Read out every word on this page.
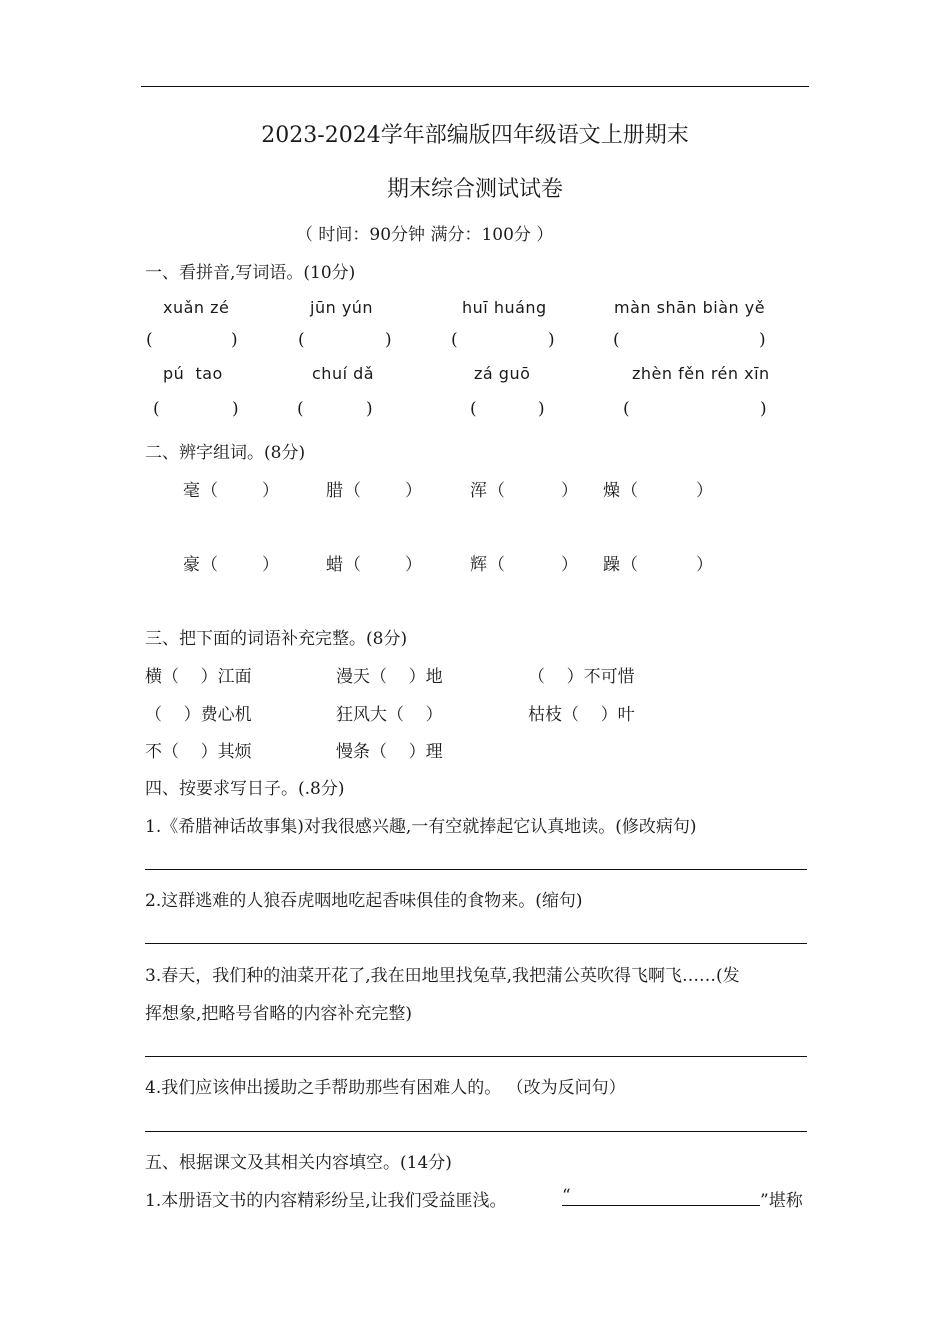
2023-2024学年部编版四年级语文上册期末
期末综合测试试卷
（ 时间：90分钟 满分：100分 ）
一、看拼音,写词语。(10分)
xuǎn zé	jūn yún	huī huáng	màn shān biàn yě
(	)	(	)	(	)	(	)
pú  tao	chuí dǎ	zá guō	zhèn fěn rén xīn
(	)	(	)	(	)	(	)
二、辨字组词。(8分)
毫 （	）	腊 （	）	浑 （	） 燥 （	）
豪 （	）	蜡 （	）	辉 （	） 躁 （	）
三、把下面的词语补充完整。(8分)
横（    ）江面	漫天（    ）地	（    ）不可惜
（    ）费心机	狂风大（    ）	枯枝（    ）叶
不（    ）其烦	慢条（    ）理
四、按要求写日子。(.8分)
1.《希腊神话故事集)对我很感兴趣,一有空就捧起它认真地读。(修改病句)
2.这群逃难的人狼吞虎咽地吃起香味俱佳的食物来。(缩句)
3.春天，我们种的油菜开花了,我在田地里找兔草,我把蒲公英吹得飞啊飞……(发
挥想象,把略号省略的内容补充完整)
4.我们应该伸出援助之手帮助那些有困难人的。 （改为反问句）
五、根据课文及其相关内容填空。(14分)
1.本册语文书的内容精彩纷呈,让我们受益匪浅。	“	”堪称
